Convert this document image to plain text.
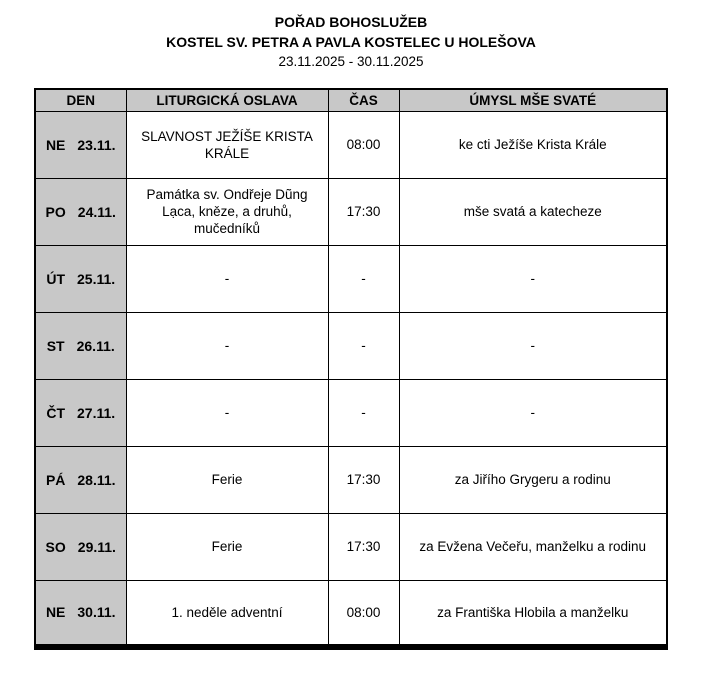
POŘAD BOHOSLUŽEB
KOSTEL SV. PETRA A PAVLA KOSTELEC U HOLEŠOVA
23.11.2025 - 30.11.2025
DEN	LITURGICKÁ OSLAVA	ČAS	ÚMYSL MŠE SVATÉ
NE 23.11.	SLAVNOST JEŽÍŠE KRISTA KRÁLE	08:00	ke cti Ježíše Krista Krále
PO 24.11.	Památka sv. Ondřeje Dũng Lạca, kněze, a druhů, mučedníků	17:30	mše svatá a katecheze
ÚT 25.11.	-	-	-
ST 26.11.	-	-	-
ČT 27.11.	-	-	-
PÁ 28.11.	Ferie	17:30	za Jiřího Grygeru a rodinu
SO 29.11.	Ferie	17:30	za Evžena Večeřu, manželku a rodinu
NE 30.11.	1. neděle adventní	08:00	za Františka Hlobila a manželku
